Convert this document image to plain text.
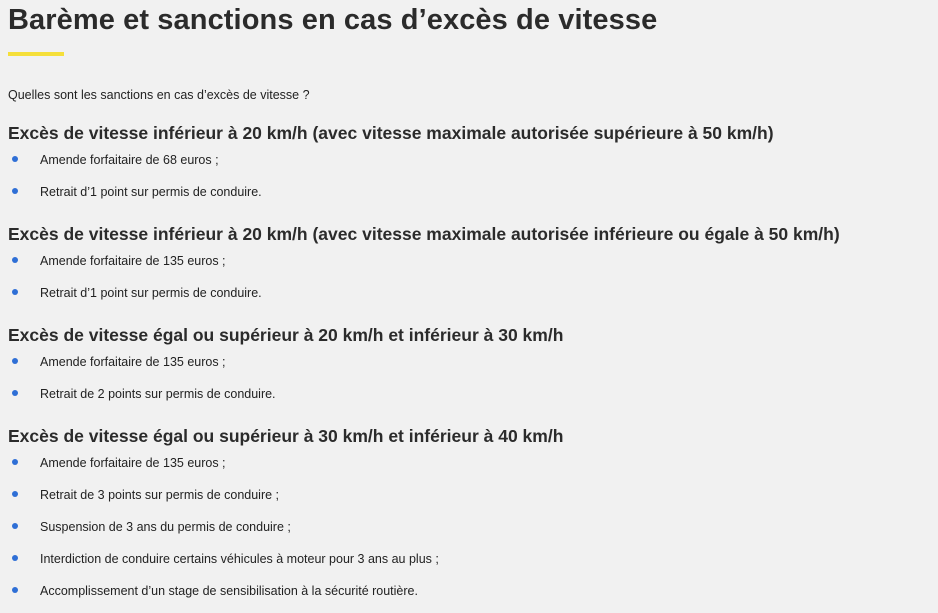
Barème et sanctions en cas d’excès de vitesse

Quelles sont les sanctions en cas d’excès de vitesse ?

Excès de vitesse inférieur à 20 km/h (avec vitesse maximale autorisée supérieure à 50 km/h)
Amende forfaitaire de 68 euros ;
Retrait d’1 point sur permis de conduire.
Excès de vitesse inférieur à 20 km/h (avec vitesse maximale autorisée inférieure ou égale à 50 km/h)
Amende forfaitaire de 135 euros ;
Retrait d’1 point sur permis de conduire.
Excès de vitesse égal ou supérieur à 20 km/h et inférieur à 30 km/h
Amende forfaitaire de 135 euros ;
Retrait de 2 points sur permis de conduire.
Excès de vitesse égal ou supérieur à 30 km/h et inférieur à 40 km/h
Amende forfaitaire de 135 euros ;
Retrait de 3 points sur permis de conduire ;
Suspension de 3 ans du permis de conduire ;
Interdiction de conduire certains véhicules à moteur pour 3 ans au plus ;
Accomplissement d’un stage de sensibilisation à la sécurité routière.
